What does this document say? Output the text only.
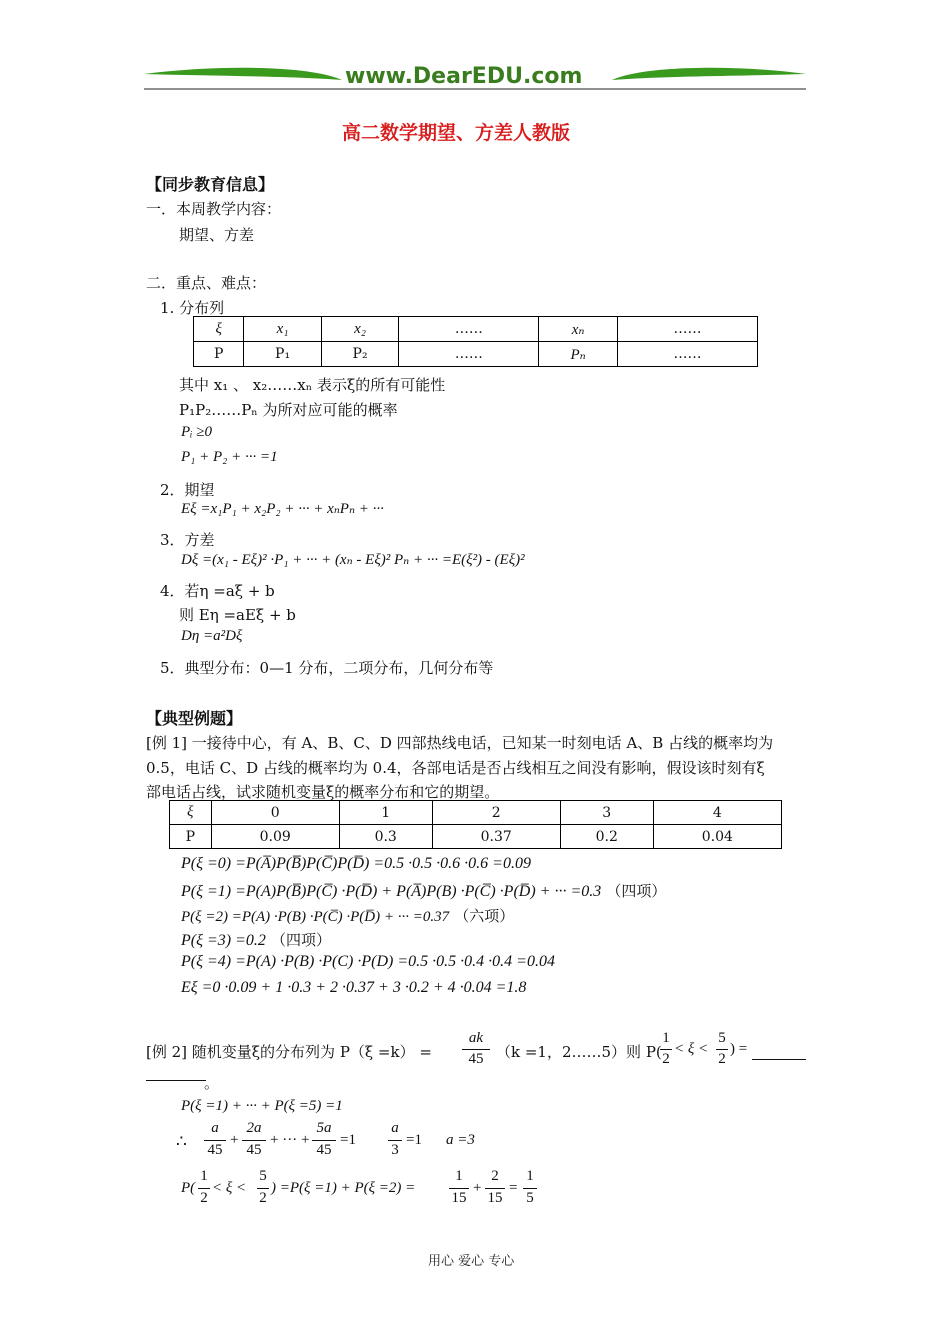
www.DearEDU.com
高二数学期望、方差人教版
【同步教育信息】
一．本周教学内容：
期望、方差
二．重点、难点：
1. 分布列
ξ	x₁	x₂	……	xₙ	……
P	P₁	P₂	……	Pₙ	……
其中 x₁ 、 x₂……xₙ 表示ξ的所有可能性
P₁P₂……Pₙ 为所对应可能的概率
Pᵢ ≥0
P₁ + P₂ + ··· =1
2．期望
Eξ =x₁P₁ + x₂P₂ + ··· + xₙPₙ + ···
3．方差
Dξ =(x₁ - Eξ)² ·P₁ + ··· + (xₙ - Eξ)² Pₙ + ··· =E(ξ²) - (Eξ)²
4．若η =aξ + b
则 Eη =aEξ + b
Dη =a²Dξ
5．典型分布：0—1 分布，二项分布，几何分布等
【典型例题】
[例 1] 一接待中心，有 A、B、C、D 四部热线电话，已知某一时刻电话 A、B 占线的概率均为
0.5，电话 C、D 占线的概率均为 0.4，各部电话是否占线相互之间没有影响，假设该时刻有ξ
部电话占线，试求随机变量ξ的概率分布和它的期望。
ξ	0	1	2	3	4
P	0.09	0.3	0.37	0.2	0.04
P(ξ =0) =P(A̅)P(B̅)P(C̅)P(D̅) =0.5 ·0.5 ·0.6 ·0.6 =0.09
P(ξ =1) =P(A)P(B̅)P(C̅) ·P(D̅) + P(A̅)P(B) ·P(C̅) ·P(D̅) + ··· =0.3 （四项）
P(ξ =2) =P(A) ·P(B) ·P(C̅) ·P(D̅) + ··· =0.37 （六项）
P(ξ =3) =0.2 （四项）
P(ξ =4) =P(A) ·P(B) ·P(C) ·P(D) =0.5 ·0.5 ·0.4 ·0.4 =0.04
Eξ =0 ·0.09 + 1 ·0.3 + 2 ·0.37 + 3 ·0.2 + 4 ·0.04 =1.8
[例 2] 随机变量ξ的分布列为 P（ξ =k） =
ak
45 （k =1，2……5）则 P(
1
2
< ξ <
5
2
) =
。
P(ξ =1) + ··· + P(ξ =5) =1
∴
a
45
+
2a
45
+ ··· +
5a
45
=1
a
3
=1 a =3
P(
1
2
< ξ <
5
2
) =P(ξ =1) + P(ξ =2) =
1
15
+
2
15
=
1
5
用心 爱心 专心
